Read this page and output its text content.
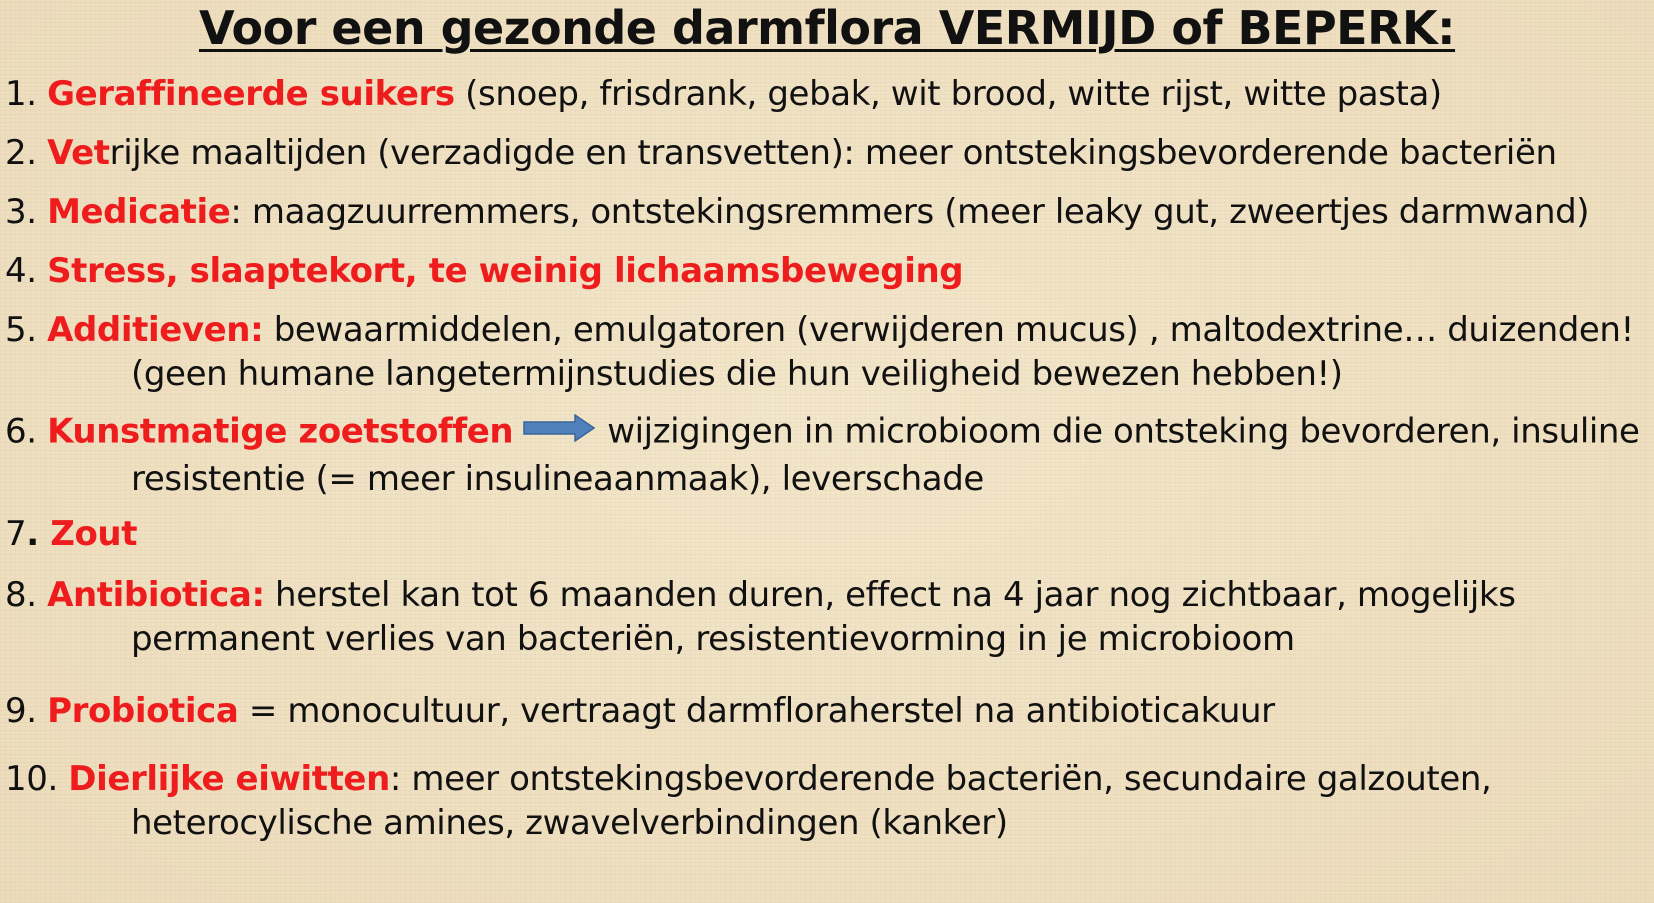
Voor een gezonde darmflora VERMIJD of BEPERK:
1. Geraffineerde suikers (snoep, frisdrank, gebak, wit brood, witte rijst, witte pasta)
2. Vetrijke maaltijden (verzadigde en transvetten): meer ontstekingsbevorderende bacteriën
3. Medicatie: maagzuurremmers, ontstekingsremmers (meer leaky gut, zweertjes darmwand)
4. Stress, slaaptekort, te weinig lichaamsbeweging
5. Additieven: bewaarmiddelen, emulgatoren (verwijderen mucus) , maltodextrine… duizenden!
(geen humane langetermijnstudies die hun veiligheid bewezen hebben!)
6. Kunstmatige zoetstoffen	wijzigingen in microbioom die ontsteking bevorderen, insuline
resistentie (= meer insulineaanmaak), leverschade
7. Zout
8. Antibiotica: herstel kan tot 6 maanden duren, effect na 4 jaar nog zichtbaar, mogelijks
permanent verlies van bacteriën, resistentievorming in je microbioom
9. Probiotica = monocultuur, vertraagt darmfloraherstel na antibioticakuur
10. Dierlijke eiwitten: meer ontstekingsbevorderende bacteriën, secundaire galzouten,
heterocylische amines, zwavelverbindingen (kanker)
